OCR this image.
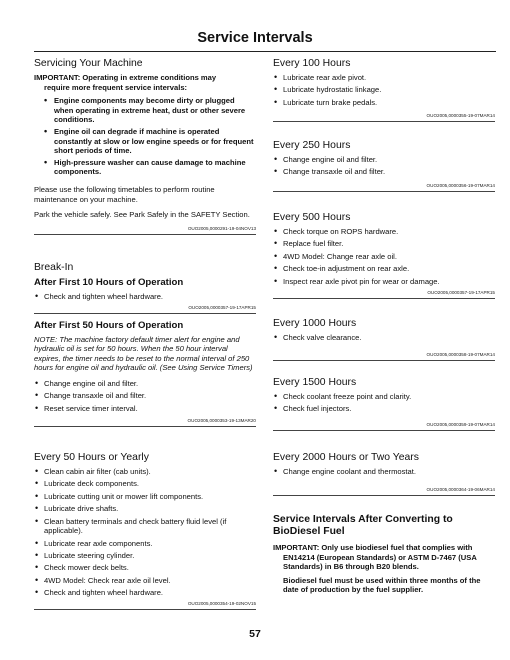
Service Intervals
Servicing Your Machine
IMPORTANT: Operating in extreme conditions may
require more frequent service intervals:
• Engine components may become dirty or plugged when operating in extreme heat, dust or other severe conditions.
• Engine oil can degrade if machine is operated constantly at slow or low engine speeds or for frequent short periods of time.
• High-pressure washer can cause damage to machine components.
Please use the following timetables to perform routine maintenance on your machine.
Park the vehicle safely. See Park Safely in the SAFETY Section.
OUO2005,0000291-19-04NOV13
Break-In
After First 10 Hours of Operation
• Check and tighten wheel hardware.
OUO2005,0000357-19-17APR15
After First 50 Hours of Operation
NOTE: The machine factory default timer alert for engine and hydraulic oil is set for 50 hours. When the 50 hour interval expires, the timer needs to be reset to the normal interval of 250 hours for engine oil and hydraulic oil. (See Using Service Timers)
• Change engine oil and filter.
• Change transaxle oil and filter.
• Reset service timer interval.
OUO2005,0000353-19-13MAR20
Every 50 Hours or Yearly
• Clean cabin air filter (cab units).
• Lubricate deck components.
• Lubricate cutting unit or mower lift components.
• Lubricate drive shafts.
• Clean battery terminals and check battery fluid level (if applicable).
• Lubricate rear axle components.
• Lubricate steering cylinder.
• Check mower deck belts.
• 4WD Model: Check rear axle oil level.
• Check and tighten wheel hardware.
OUO2005,0000354-19-02NOV15
Every 100 Hours
• Lubricate rear axle pivot.
• Lubricate hydrostatic linkage.
• Lubricate turn brake pedals.
OUO2005,0000355-19-07MAR14
Every 250 Hours
• Change engine oil and filter.
• Change transaxle oil and filter.
OUO2005,0000356-19-07MAR14
Every 500 Hours
• Check torque on ROPS hardware.
• Replace fuel filter.
• 4WD Model: Change rear axle oil.
• Check toe-in adjustment on rear axle.
• Inspect rear axle pivot pin for wear or damage.
OUO2005,0000357-19-17APR15
Every 1000 Hours
• Check valve clearance.
OUO2005,0000358-19-07MAR14
Every 1500 Hours
• Check coolant freeze point and clarity.
• Check fuel injectors.
OUO2005,0000359-19-07MAR14
Every 2000 Hours or Two Years
• Change engine coolant and thermostat.
OUO2005,0000364-19-06MAR14
Service Intervals After Converting to
BioDiesel Fuel
IMPORTANT: Only use biodiesel fuel that complies with EN14214 (European Standards) or ASTM D-7467 (USA Standards) in B6 through B20 blends.
Biodiesel fuel must be used within three months of the date of production by the fuel supplier.
57
